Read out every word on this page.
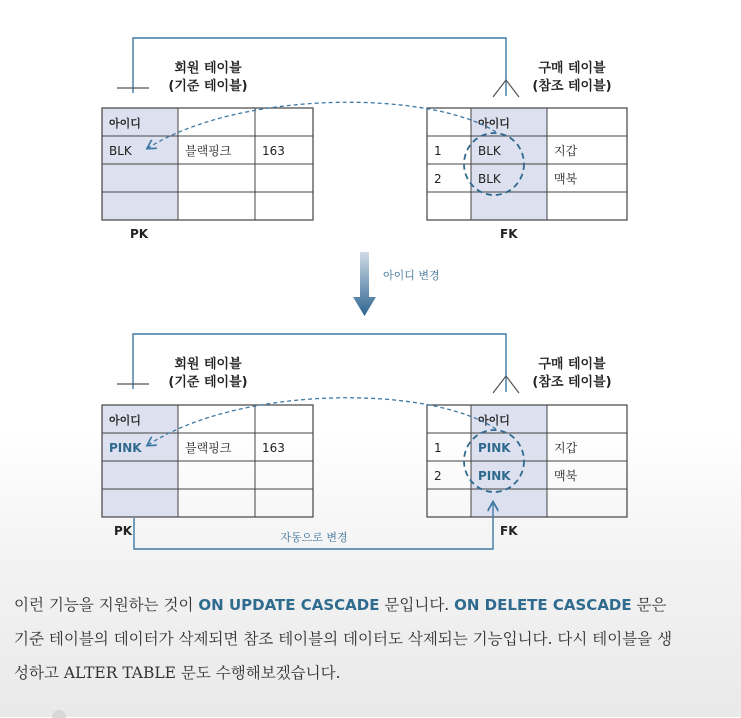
회원 테이블
(기준 테이블)
구매 테이블
(참조 테이블)
아이디
BLK	블랙핑크	163
PK
아이디
1	BLK	지갑
2	BLK	맥북
FK
아이디 변경
회원 테이블
(기준 테이블)
구매 테이블
(참조 테이블)
아이디
PINK	블랙핑크	163
PK
아이디
1	PINK	지갑
2	PINK	맥북
FK
자동으로 변경
이런 기능을 지원하는 것이 ON UPDATE CASCADE 문입니다. ON DELETE CASCADE 문은
기준 테이블의 데이터가 삭제되면 참조 테이블의 데이터도 삭제되는 기능입니다. 다시 테이블을 생
성하고 ALTER TABLE 문도 수행해보겠습니다.
